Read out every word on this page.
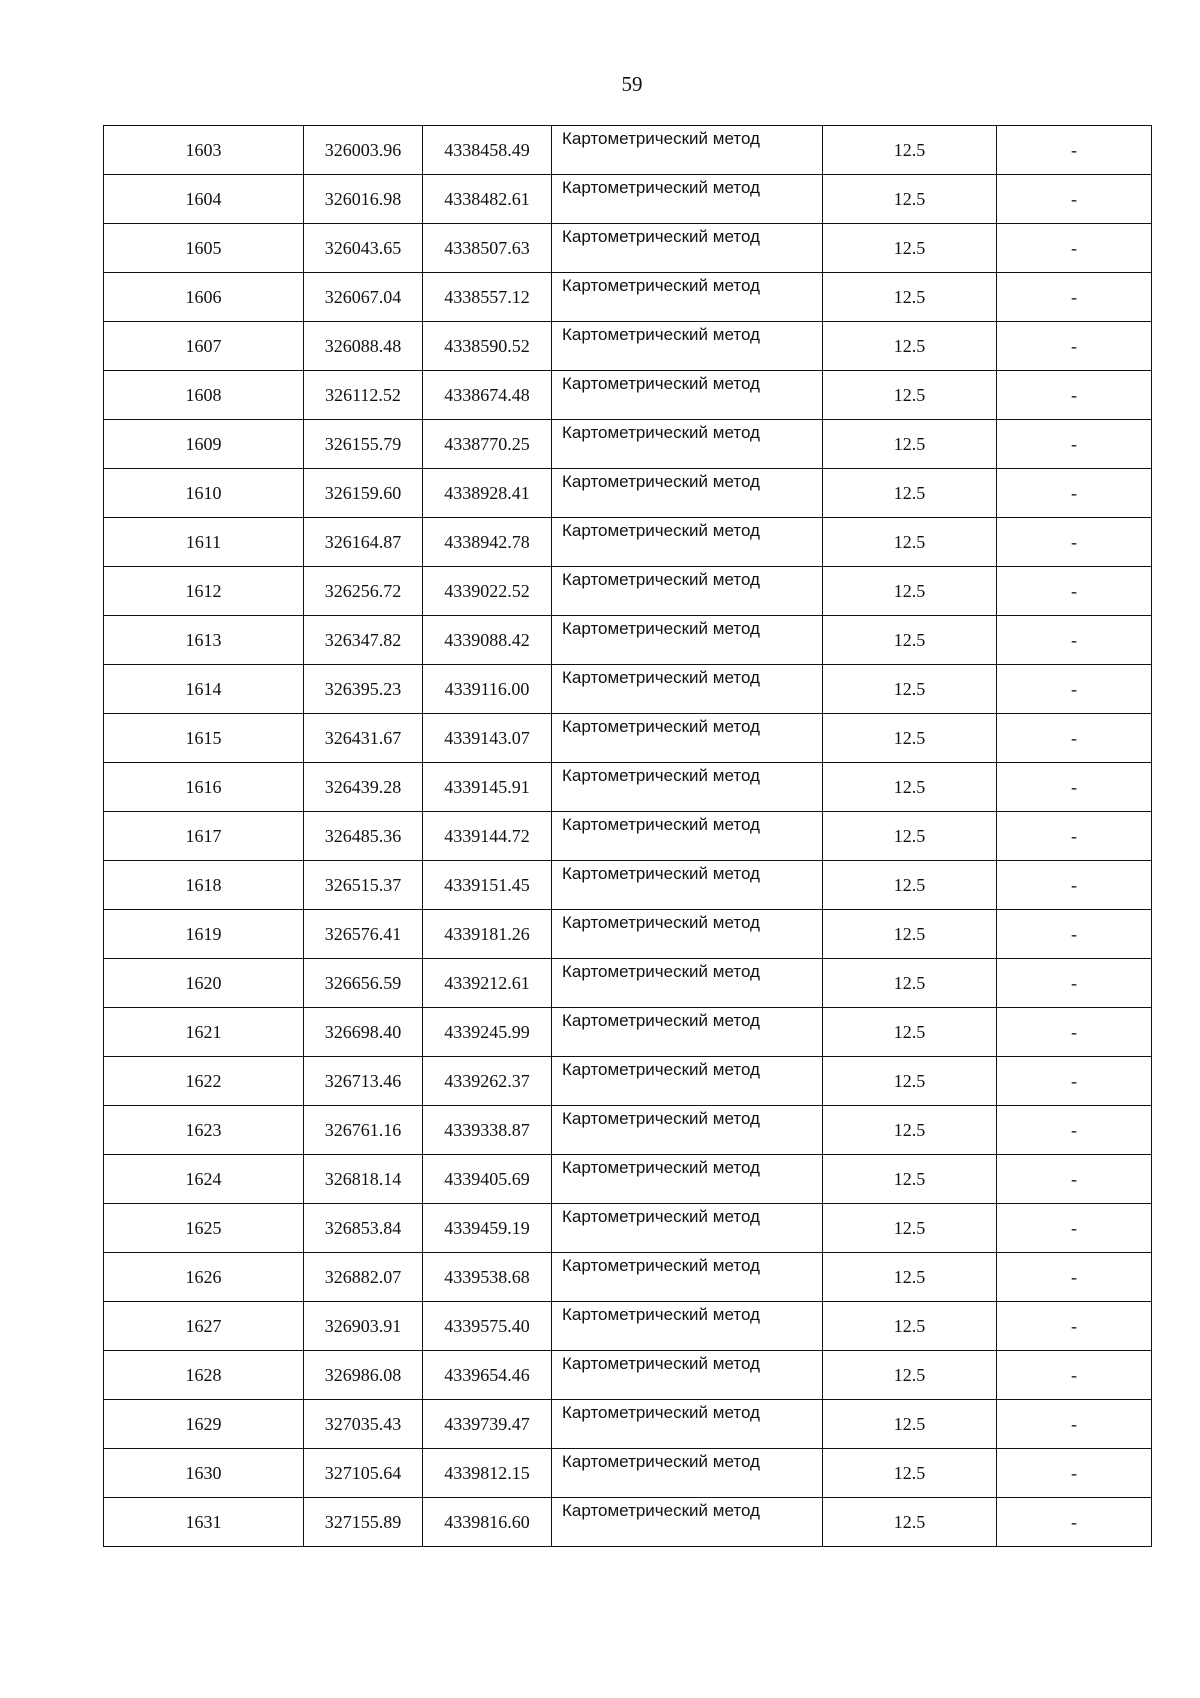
59
1603	326003.96	4338458.49	Картометрический метод	12.5	-
1604	326016.98	4338482.61	Картометрический метод	12.5	-
1605	326043.65	4338507.63	Картометрический метод	12.5	-
1606	326067.04	4338557.12	Картометрический метод	12.5	-
1607	326088.48	4338590.52	Картометрический метод	12.5	-
1608	326112.52	4338674.48	Картометрический метод	12.5	-
1609	326155.79	4338770.25	Картометрический метод	12.5	-
1610	326159.60	4338928.41	Картометрический метод	12.5	-
1611	326164.87	4338942.78	Картометрический метод	12.5	-
1612	326256.72	4339022.52	Картометрический метод	12.5	-
1613	326347.82	4339088.42	Картометрический метод	12.5	-
1614	326395.23	4339116.00	Картометрический метод	12.5	-
1615	326431.67	4339143.07	Картометрический метод	12.5	-
1616	326439.28	4339145.91	Картометрический метод	12.5	-
1617	326485.36	4339144.72	Картометрический метод	12.5	-
1618	326515.37	4339151.45	Картометрический метод	12.5	-
1619	326576.41	4339181.26	Картометрический метод	12.5	-
1620	326656.59	4339212.61	Картометрический метод	12.5	-
1621	326698.40	4339245.99	Картометрический метод	12.5	-
1622	326713.46	4339262.37	Картометрический метод	12.5	-
1623	326761.16	4339338.87	Картометрический метод	12.5	-
1624	326818.14	4339405.69	Картометрический метод	12.5	-
1625	326853.84	4339459.19	Картометрический метод	12.5	-
1626	326882.07	4339538.68	Картометрический метод	12.5	-
1627	326903.91	4339575.40	Картометрический метод	12.5	-
1628	326986.08	4339654.46	Картометрический метод	12.5	-
1629	327035.43	4339739.47	Картометрический метод	12.5	-
1630	327105.64	4339812.15	Картометрический метод	12.5	-
1631	327155.89	4339816.60	Картометрический метод	12.5	-
